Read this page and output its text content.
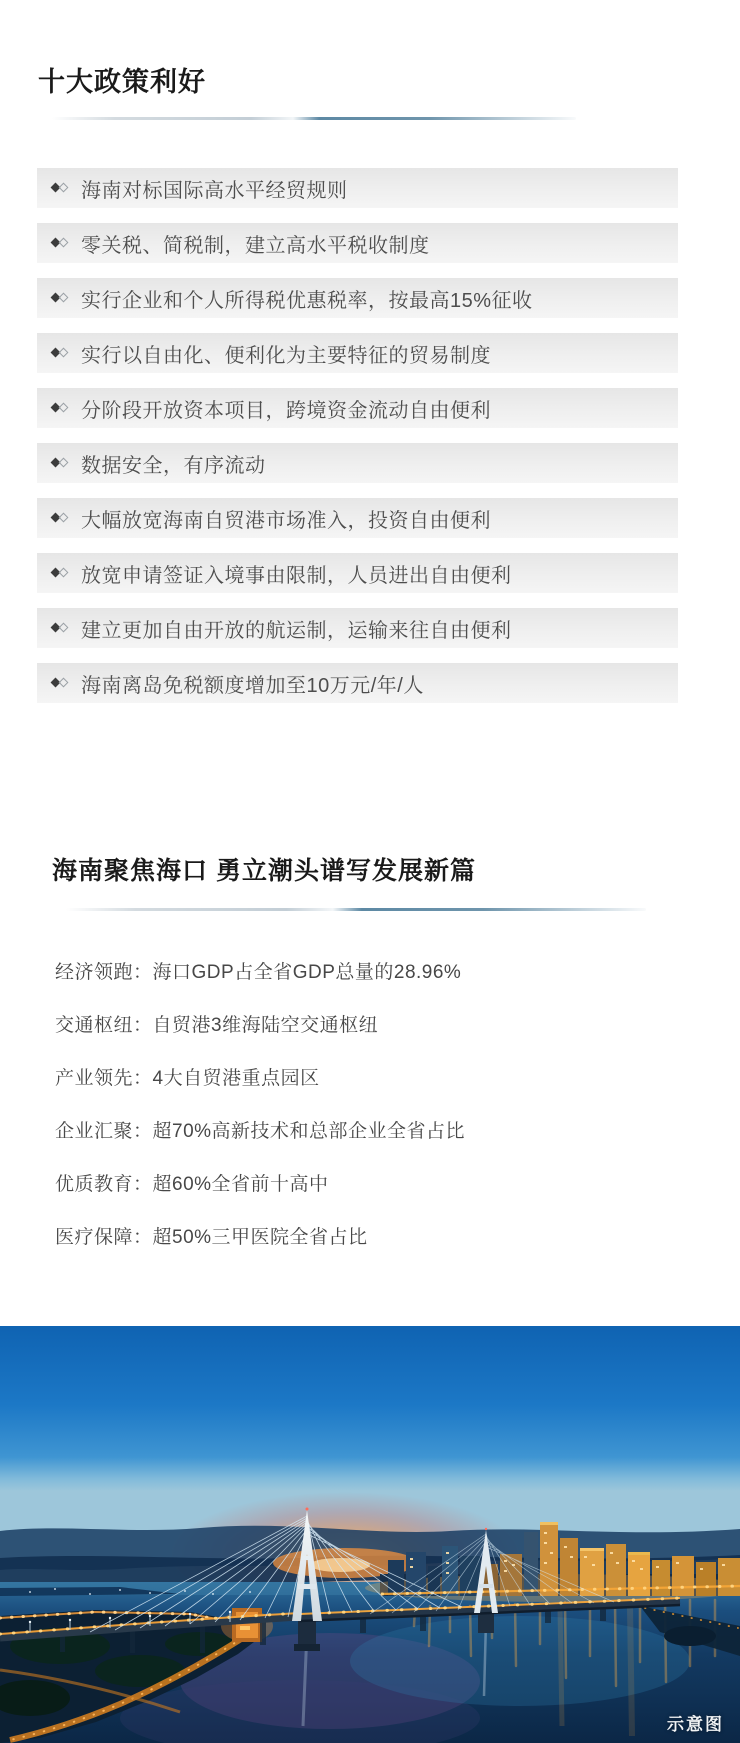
十大政策利好
海南对标国际高水平经贸规则
零关税、简税制，建立高水平税收制度
实行企业和个人所得税优惠税率，按最高15%征收
实行以自由化、便利化为主要特征的贸易制度
分阶段开放资本项目，跨境资金流动自由便利
数据安全，有序流动
大幅放宽海南自贸港市场准入，投资自由便利
放宽申请签证入境事由限制，人员进出自由便利
建立更加自由开放的航运制，运输来往自由便利
海南离岛免税额度增加至10万元/年/人
海南聚焦海口 勇立潮头谱写发展新篇
经济领跑：海口GDP占全省GDP总量的28.96%
交通枢纽：自贸港3维海陆空交通枢纽
产业领先：4大自贸港重点园区
企业汇聚：超70%高新技术和总部企业全省占比
优质教育：超60%全省前十高中
医疗保障：超50%三甲医院全省占比
示意图
